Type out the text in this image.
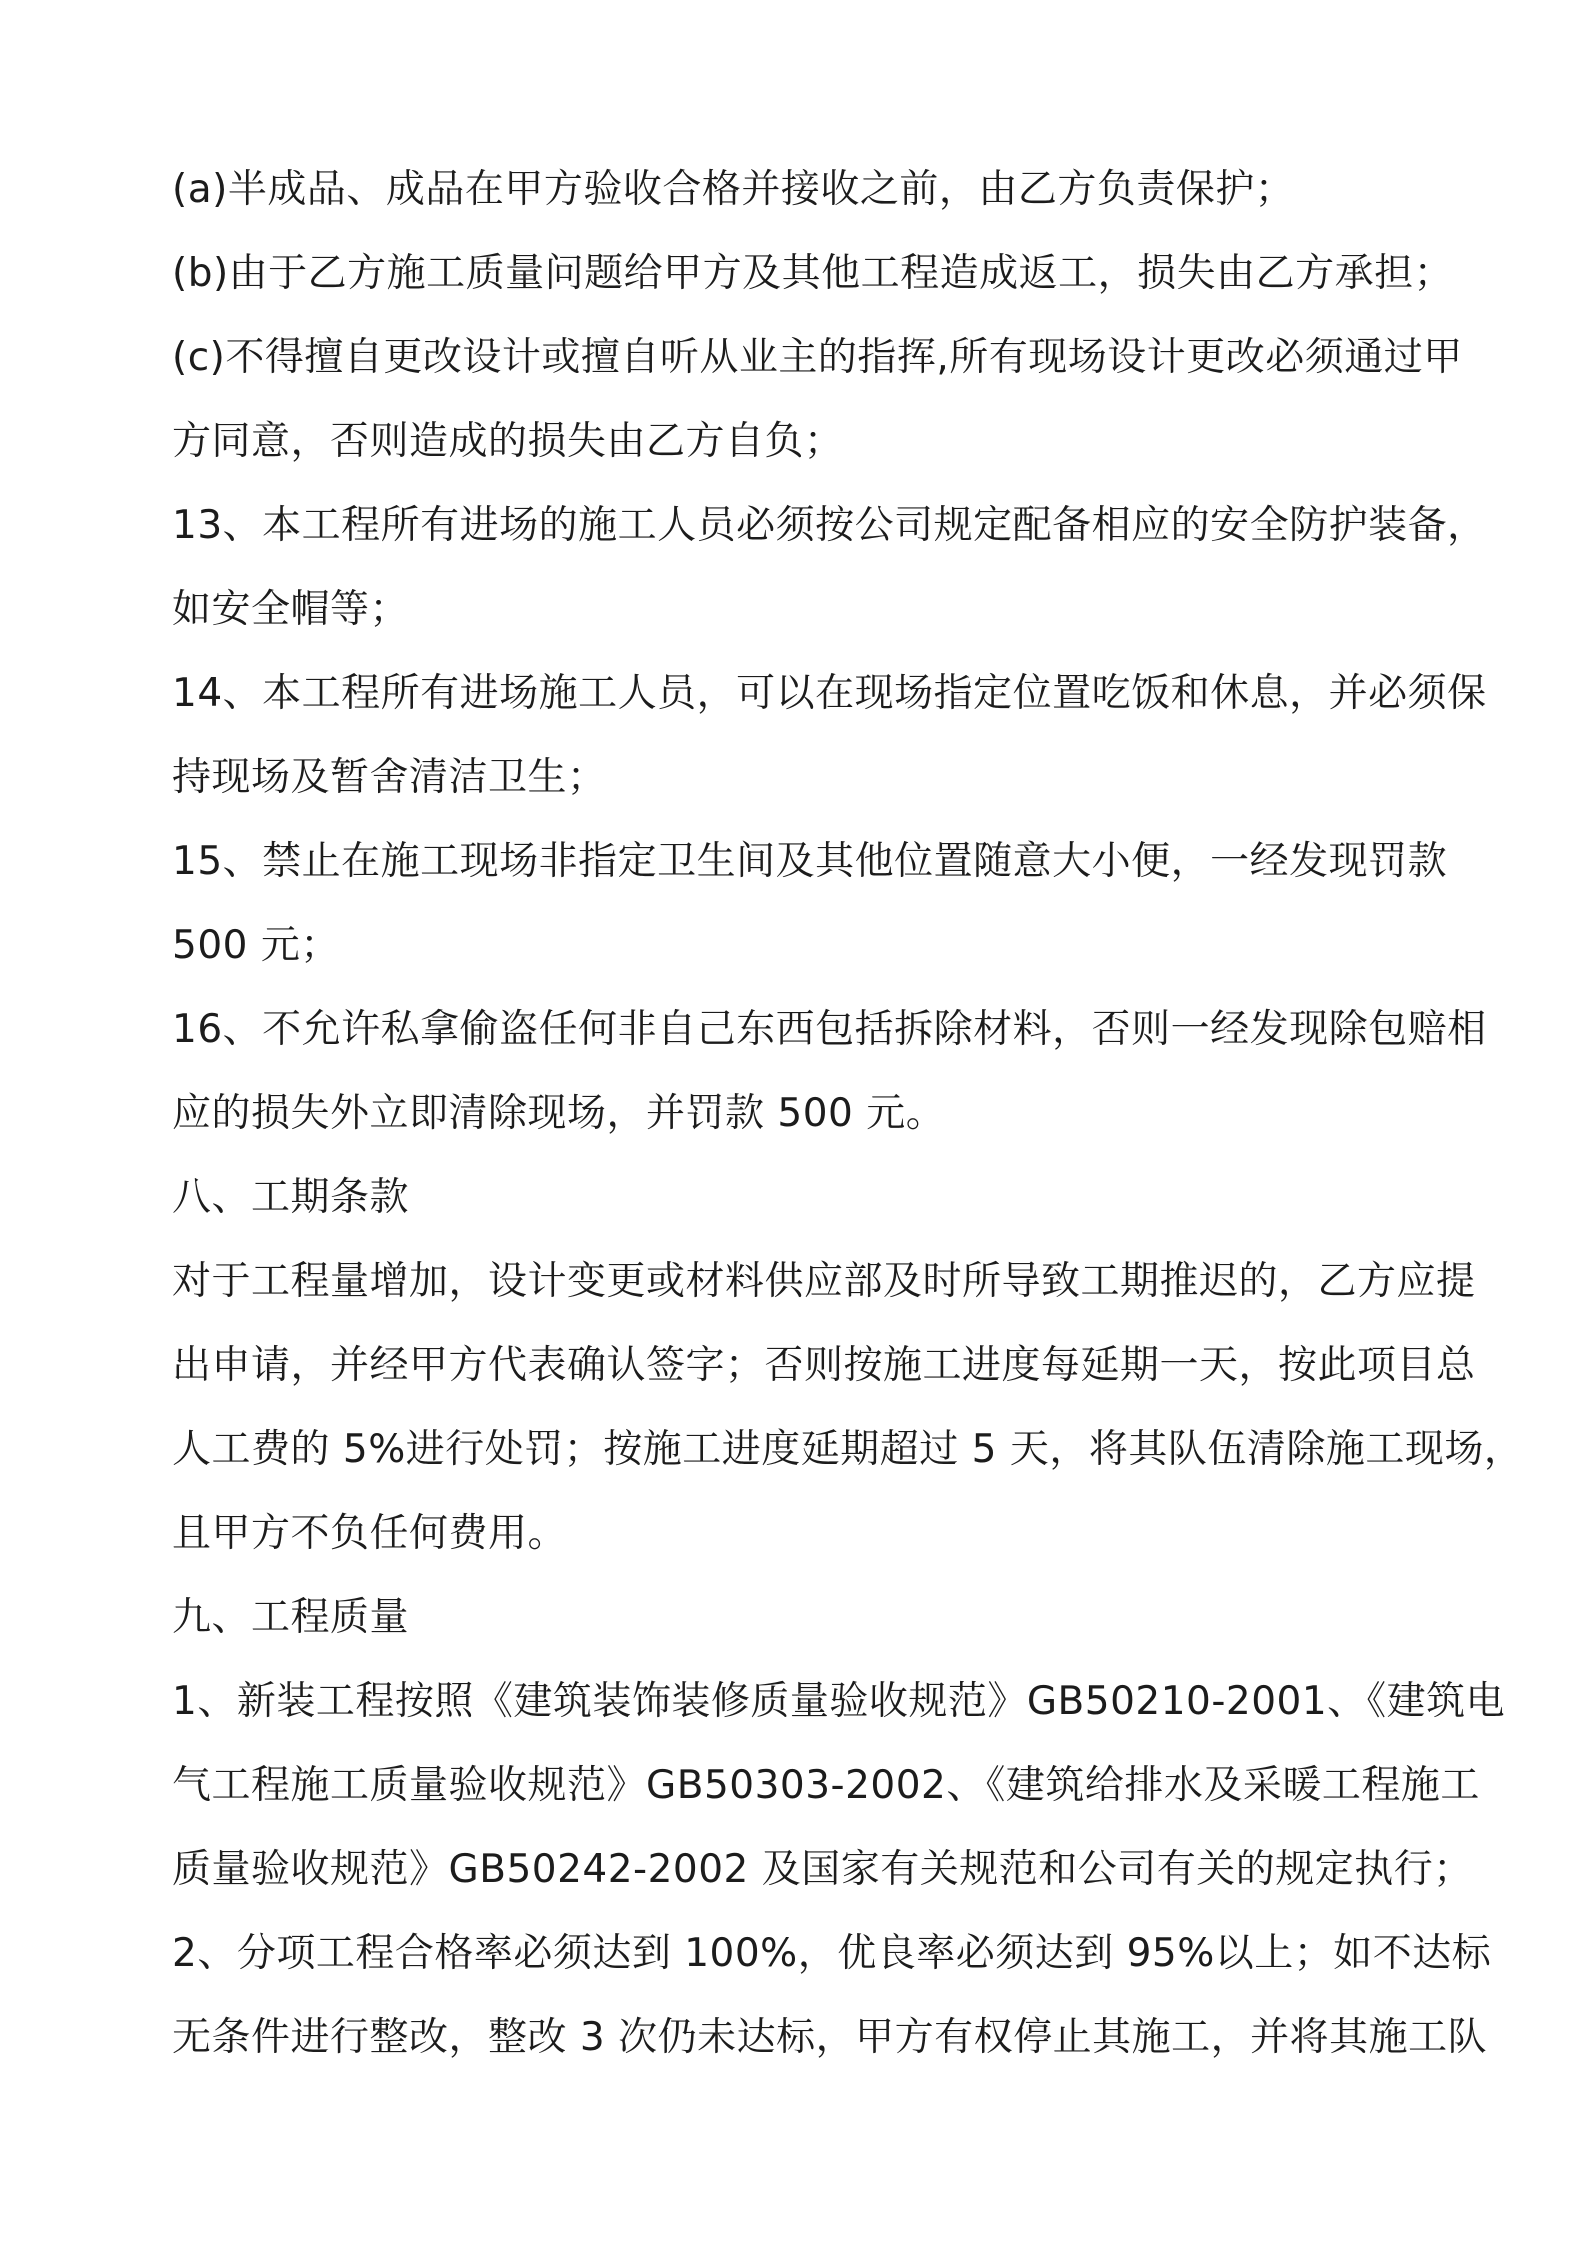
(a)半成品、成品在甲方验收合格并接收之前，由乙方负责保护；
(b)由于乙方施工质量问题给甲方及其他工程造成返工，损失由乙方承担；
(c)不得擅自更改设计或擅自听从业主的指挥,所有现场设计更改必须通过甲
方同意，否则造成的损失由乙方自负；
13、本工程所有进场的施工人员必须按公司规定配备相应的安全防护装备，
如安全帽等；
14、本工程所有进场施工人员，可以在现场指定位置吃饭和休息，并必须保
持现场及暂舍清洁卫生；
15、禁止在施工现场非指定卫生间及其他位置随意大小便，一经发现罚款
500 元；
16、不允许私拿偷盗任何非自己东西包括拆除材料，否则一经发现除包赔相
应的损失外立即清除现场，并罚款 500 元。
八、工期条款
对于工程量增加，设计变更或材料供应部及时所导致工期推迟的，乙方应提
出申请，并经甲方代表确认签字；否则按施工进度每延期一天，按此项目总
人工费的 5%进行处罚；按施工进度延期超过 5 天，将其队伍清除施工现场，
且甲方不负任何费用。
九、工程质量
1、新装工程按照《建筑装饰装修质量验收规范》GB50210-2001、《建筑电
气工程施工质量验收规范》GB50303-2002、《建筑给排水及采暖工程施工
质量验收规范》GB50242-2002 及国家有关规范和公司有关的规定执行；
2、分项工程合格率必须达到 100%，优良率必须达到 95%以上；如不达标
无条件进行整改，整改 3 次仍未达标，甲方有权停止其施工，并将其施工队
